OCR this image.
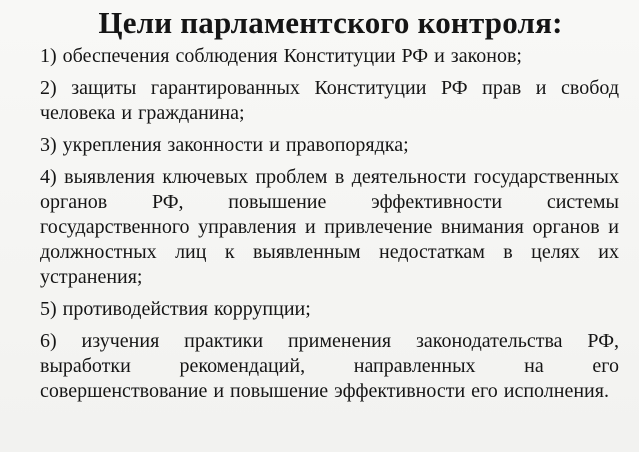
Цели парламентского контроля:
1) обеспечения соблюдения Конституции РФ и законов;
2) защиты гарантированных Конституции РФ прав и свобод человека и гражданина;
3) укрепления законности и правопорядка;
4) выявления ключевых проблем в деятельности государственных органов РФ, повышение эффективности системы государственного управления и привлечение внимания органов и должностных лиц к выявленным недостаткам в целях их устранения;
5) противодействия коррупции;
6) изучения практики применения законодательства РФ, выработки рекомендаций, направленных на его совершенствование и повышение эффективности его исполнения.
